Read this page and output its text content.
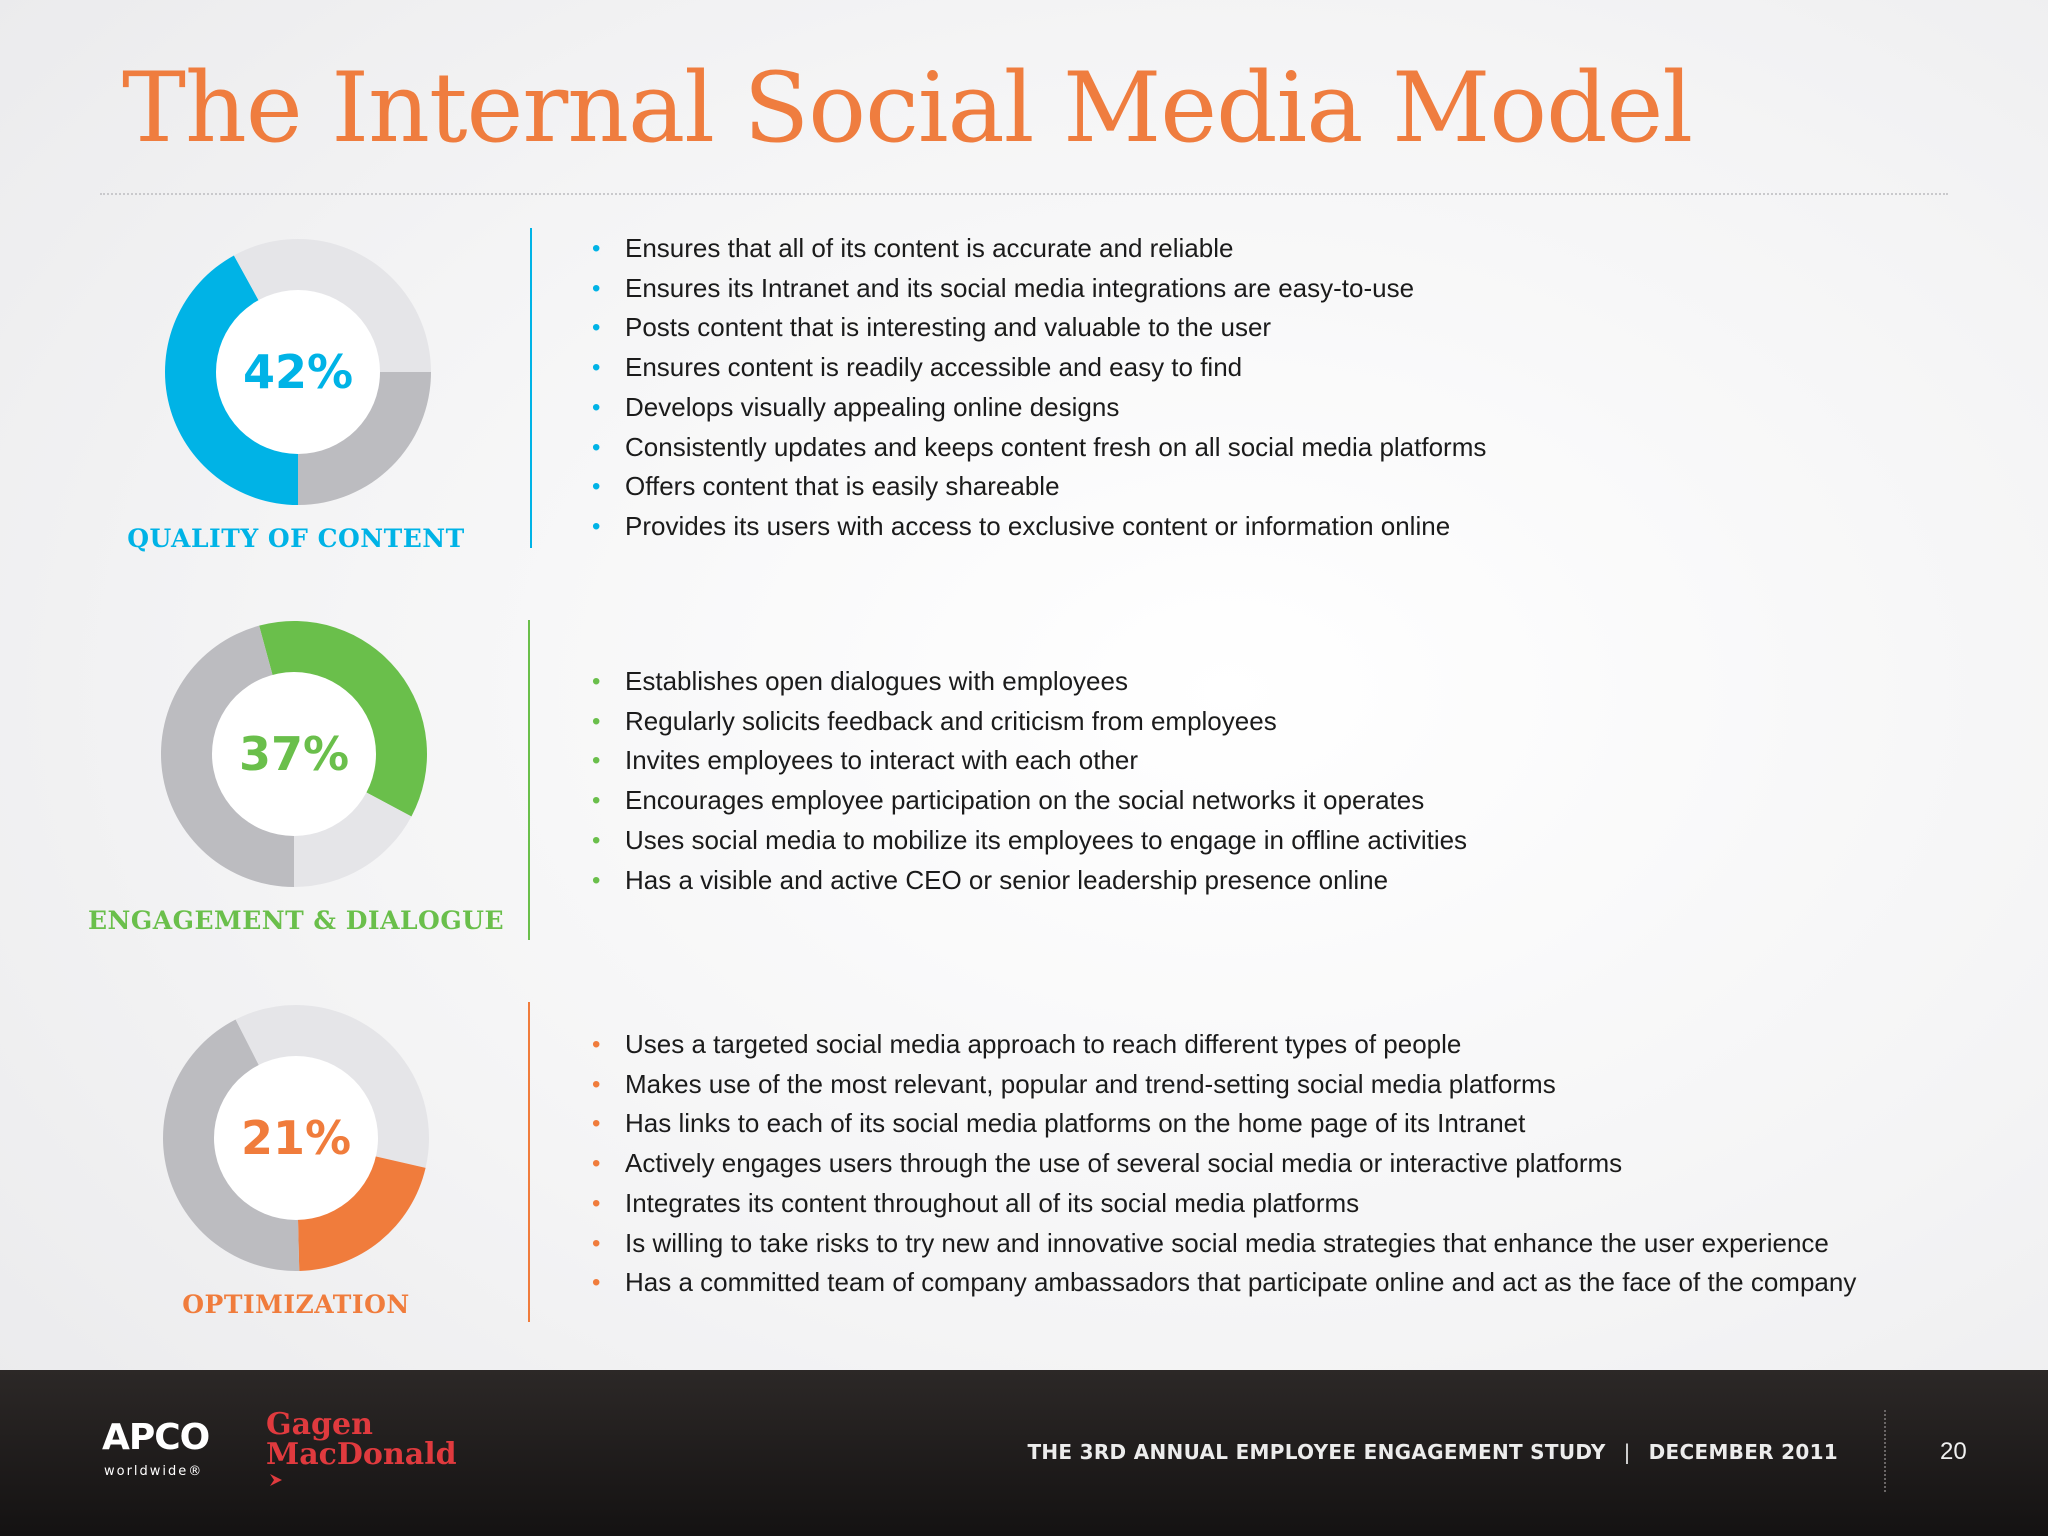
The Internal Social Media Model
42%

QUALITY OF CONTENT

• Ensures that all of its content is accurate and reliable
• Ensures its Intranet and its social media integrations are easy-to-use
• Posts content that is interesting and valuable to the user
• Ensures content is readily accessible and easy to find
• Develops visually appealing online designs
• Consistently updates and keeps content fresh on all social media platforms
• Offers content that is easily shareable
• Provides its users with access to exclusive content or information online
37%

ENGAGEMENT & DIALOGUE

• Establishes open dialogues with employees
• Regularly solicits feedback and criticism from employees
• Invites employees to interact with each other
• Encourages employee participation on the social networks it operates
• Uses social media to mobilize its employees to engage in offline activities
• Has a visible and active CEO or senior leadership presence online
21%

OPTIMIZATION

• Uses a targeted social media approach to reach different types of people
• Makes use of the most relevant, popular and trend-setting social media platforms
• Has links to each of its social media platforms on the home page of its Intranet
• Actively engages users through the use of several social media or interactive platforms
• Integrates its content throughout all of its social media platforms
• Is willing to take risks to try new and innovative social media strategies that enhance the user experience
• Has a committed team of company ambassadors that participate online and act as the face of the company

APCO

worldwide®

Gagen
MacDonald	THE 3RD ANNUAL EMPLOYEE ENGAGEMENT STUDY | DECEMBER 2011	20
